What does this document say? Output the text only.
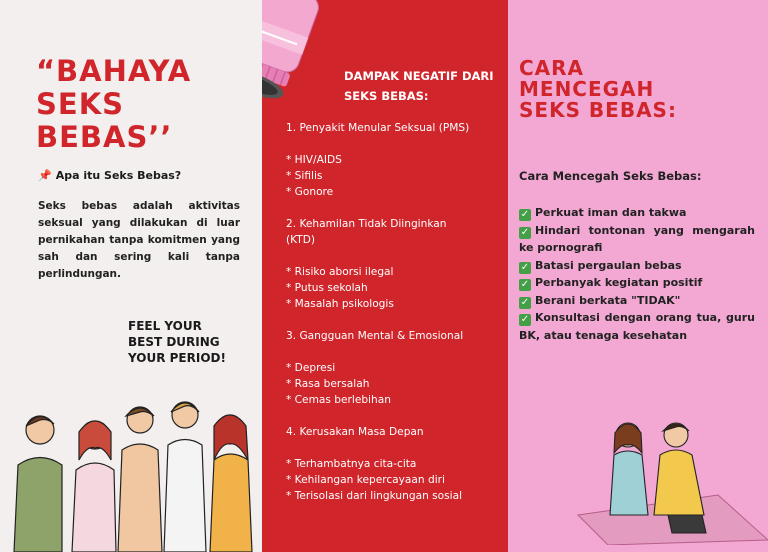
“BAHAYA
SEKS
BEBAS’’
📌 Apa itu Seks Bebas?
Seks bebas adalah aktivitas seksual yang dilakukan di luar pernikahan tanpa komitmen yang sah dan sering kali tanpa perlindungan.
FEEL YOUR
BEST DURING
YOUR PERIOD!
DAMPAK NEGATIF DARI
SEKS BEBAS:
1. Penyakit Menular Seksual (PMS)
* HIV/AIDS
* Sifilis
* Gonore
2. Kehamilan Tidak Diinginkan
(KTD)
* Risiko aborsi ilegal
* Putus sekolah
* Masalah psikologis
3. Gangguan Mental & Emosional
* Depresi
* Rasa bersalah
* Cemas berlebihan
4. Kerusakan Masa Depan
* Terhambatnya cita-cita
* Kehilangan kepercayaan diri
* Terisolasi dari lingkungan sosial
CARA
MENCEGAH
SEKS BEBAS:
Cara Mencegah Seks Bebas:
✓ Perkuat iman dan takwa
✓ Hindari tontonan yang mengarah ke pornografi
✓ Batasi pergaulan bebas
✓ Perbanyak kegiatan positif
✓ Berani berkata "TIDAK"
✓ Konsultasi dengan orang tua, guru BK, atau tenaga kesehatan
